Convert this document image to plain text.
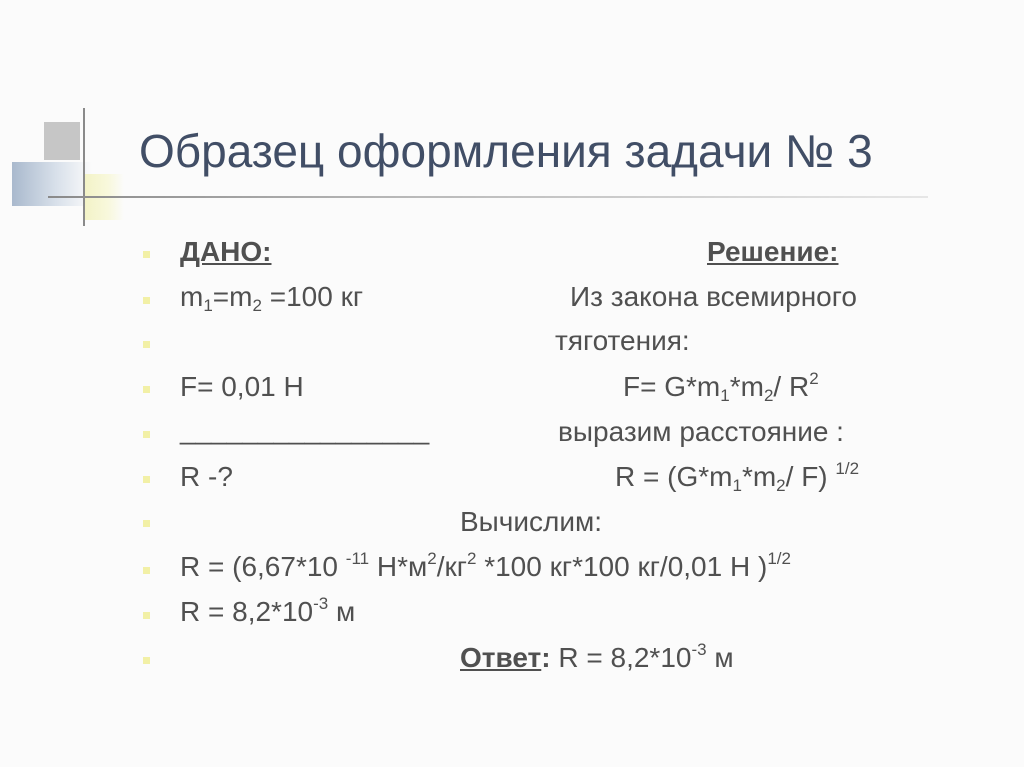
Образец оформления задачи № 3
ДАНО:
$m_1=m_2 =100$ кг
F= 0,01 Н
________________
R -?
Решение:
Из закона всемирного
тяготения:
$F= G*m_1*m_2/$ $R^2$
выразим расстояние :
$R = (G*m_1*m_2/$ F) $^{1/2}$
Вычислим:
R = (6,67*10 $^{-11}$ $Н*м^2/кг^2$ *100 кг*100 кг/0,01 Н )$^{1/2}$
$R = 8,2*10^{-3}$ м
Ответ: $R = 8,2*10^{-3}$ м
